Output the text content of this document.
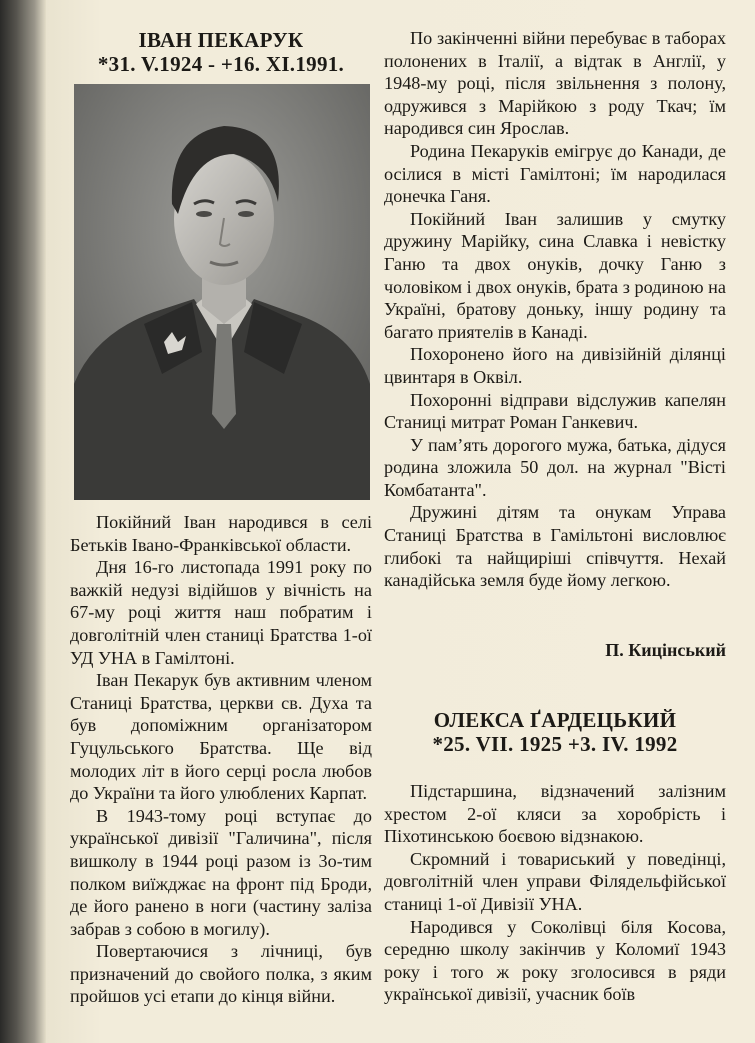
ІВАН ПЕКАРУК
*31. V.1924 - +16. XI.1991.

Покійний Іван народився в селі Бетьків Івано-Франківської области.

Дня 16-го листопада 1991 року по важкій недузі відійшов у вічність на 67-му році життя наш побратим і довголітній член станиці Братства 1-ої УД УНА в Гамілтоні.

Іван Пекарук був активним членом Станиці Братства, церкви св. Духа та був допоміжним організатором Гуцульського Братства. Ще від молодих літ в його серці росла любов до України та його улюблених Карпат.

В 1943-тому році вступає до української дивізії "Галичина", після вишколу в 1944 році разом із 3о-тим полком виїжджає на фронт під Броди, де його ранено в ноги (частину заліза забрав з собою в могилу).

Повертаючися з лічниці, був призначений до свойого полка, з яким пройшов усі етапи до кінця війни.

По закінченні війни перебуває в таборах полонених в Італії, а відтак в Англії, у 1948-му році, після звільнення з полону, одружився з Марійкою з роду Ткач; їм народився син Ярослав.

Родина Пекаруків емігрує до Канади, де осілися в місті Гамілтоні; їм народилася донечка Ганя.

Покійний Іван залишив у смутку дружину Марійку, сина Славка і невістку Ганю та двох онуків, дочку Ганю з чоловіком і двох онуків, брата з родиною на Україні, братову доньку, іншу родину та багато приятелів в Канаді.

Похоронено його на дивізійній ділянці цвинтаря в Оквіл.

Похоронні відправи відслужив капелян Станиці митрат Роман Ганкевич.

У пам’ять дорогого мужа, батька, дідуся родина зложила 50 дол. на журнал "Вісті Комбатанта".

Дружині дітям та онукам Управа Станиці Братства в Гамільтоні висловлює глибокі та найщиріші співчуття. Нехай канадійська земля буде йому легкою.

П. Кицінський
ОЛЕКСА ҐАРДЕЦЬКИЙ
*25. VII. 1925 +3. IV. 1992

Підстаршина, відзначений залізним хрестом 2-ої кляси за хоробрість і Піхотинською боєвою відзнакою.

Скромний і товариський у поведінці, довголітній член управи Філядельфійської станиці 1-ої Дивізії УНА.

Народився у Соколівці біля Косова, середню школу закінчив у Коломиї 1943 року і того ж року зголосився в ряди української дивізії, учасник боїв
